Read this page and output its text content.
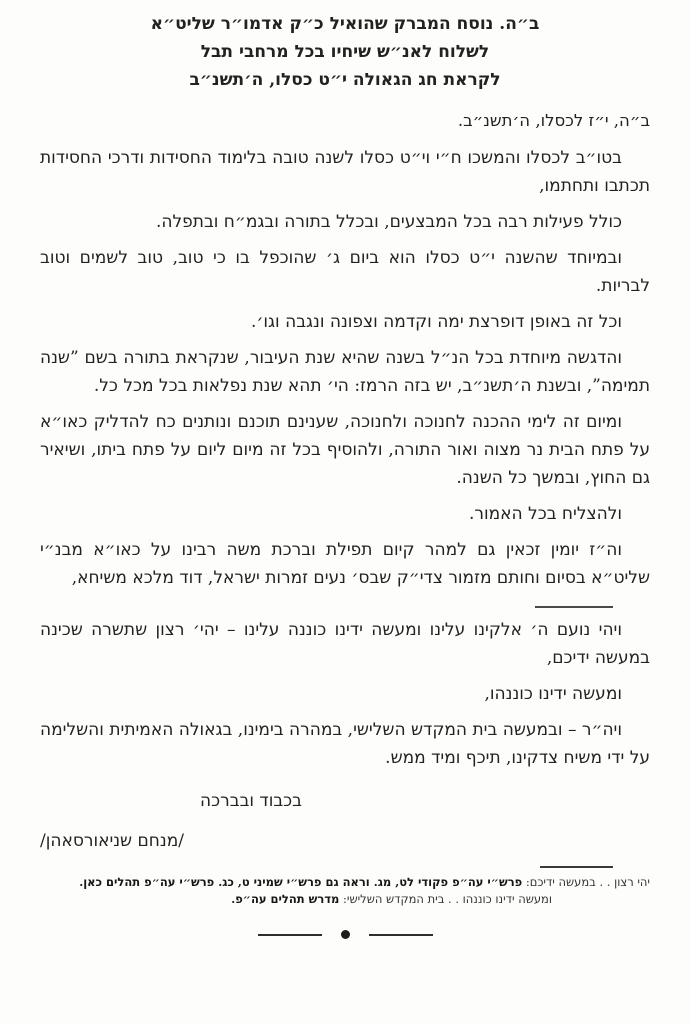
ב״ה. נוסח המברק שהואיל כ״ק אדמו״ר שליט״א
לשלוח לאנ״ש שיחיו בכל מרחבי תבל
לקראת חג הגאולה י״ט כסלו, ה׳תשנ״ב
ב״ה, י״ז לכסלו, ה׳תשנ״ב.

בטו״ב לכסלו והמשכו ח״י וי״ט כסלו לשנה טובה בלימוד החסידות ודרכי החסידות תכתבו ותחתמו,

כולל פעילות רבה בכל המבצעים, ובכלל בתורה ובגמ״ח ובתפלה.

ובמיוחד שהשנה י״ט כסלו הוא ביום ג׳ שהוכפל בו כי טוב, טוב לשמים וטוב לבריות.

וכל זה באופן דופרצת ימה וקדמה וצפונה ונגבה וגו׳.

והדגשה מיוחדת בכל הנ״ל בשנה שהיא שנת העיבור, שנקראת בתורה בשם ”שנה תמימה”, ובשנת ה׳תשנ״ב, יש בזה הרמז: הי׳ תהא שנת נפלאות בכל מכל כל.

ומיום זה לימי ההכנה לחנוכה ולחנוכה, שענינם תוכנם ונותנים כח להדליק כאו״א על פתח הבית נר מצוה ואור התורה, ולהוסיף בכל זה מיום ליום על פתח ביתו, ושיאיר גם החוץ, ובמשך כל השנה.

ולהצליח בכל האמור.

וה״ז יומין זכאין גם למהר קיום תפילת וברכת משה רבינו על כאו״א מבנ״י שליט״א בסיום וחותם מזמור צדי״ק שבס׳ נעים זמרות ישראל, דוד מלכא משיחא,

ויהי נועם ה׳ אלקינו עלינו ומעשה ידינו כוננה עלינו – יהי׳ רצון שתשרה שכינה במעשה ידיכם,

ומעשה ידינו כוננהו,

ויה״ר – ובמעשה בית המקדש השלישי, במהרה בימינו, בגאולה האמיתית והשלימה על ידי משיח צדקינו, תיכף ומיד ממש.

בכבוד ובברכה
/מנחם שניאורסאהן/
יהי רצון . . במעשה ידיכם: פרש״י עה״פ פקודי לט, מג. וראה גם פרש״י שמיני ט, כג. פרש״י עה״פ תהלים כאן.
ומעשה ידינו כוננהו . . בית המקדש השלישי: מדרש תהלים עה״פ.
